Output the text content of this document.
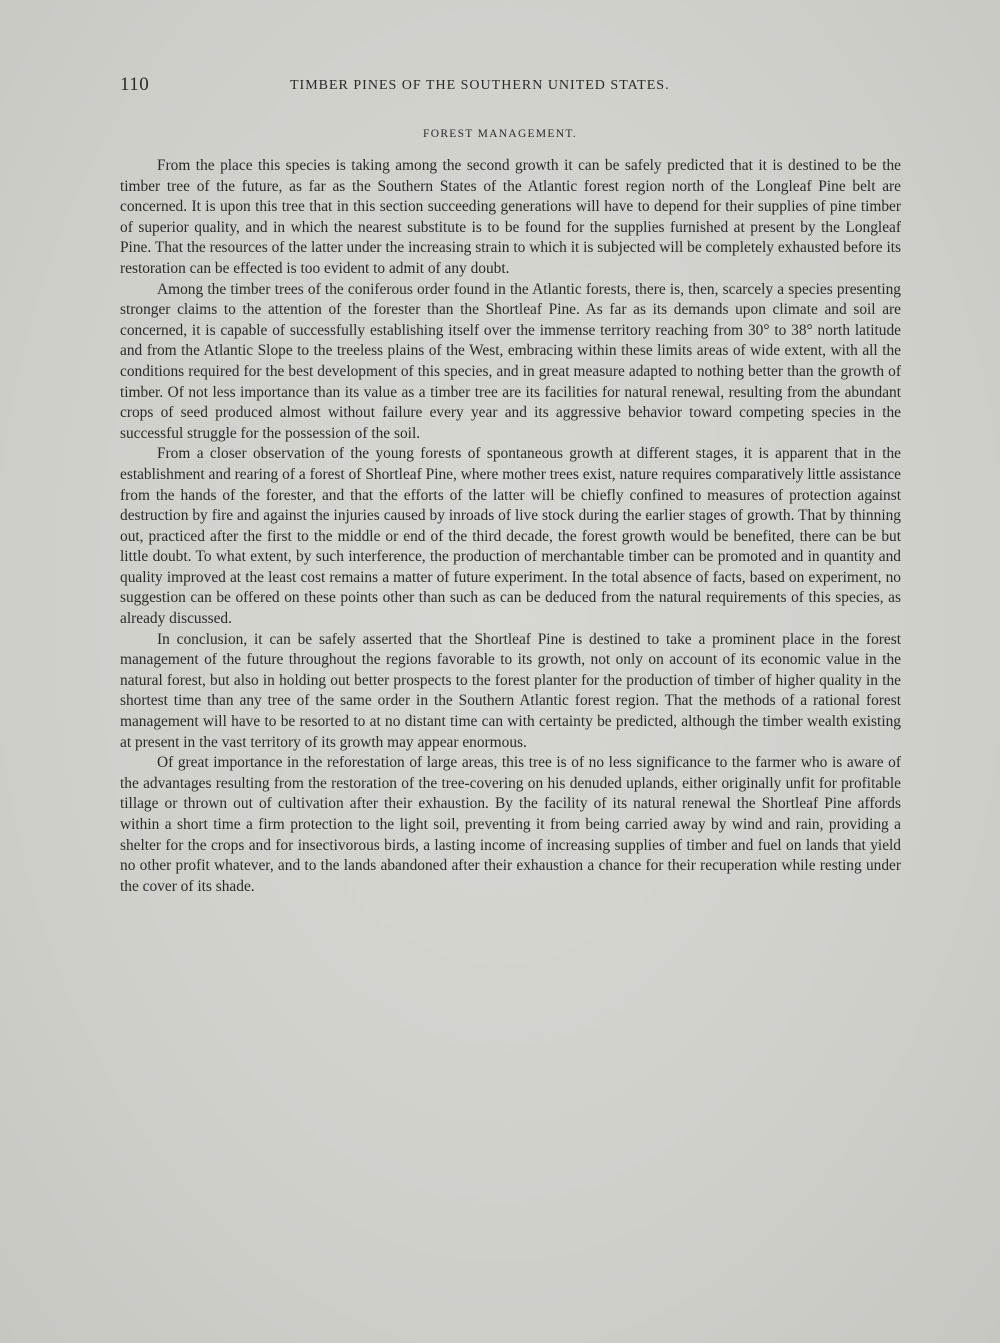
110	TIMBER PINES OF THE SOUTHERN UNITED STATES.
FOREST MANAGEMENT.

From the place this species is taking among the second growth it can be safely predicted that it is destined to be the timber tree of the future, as far as the Southern States of the Atlantic forest region north of the Longleaf Pine belt are concerned. It is upon this tree that in this section succeeding generations will have to depend for their supplies of pine timber of superior quality, and in which the nearest substitute is to be found for the supplies furnished at present by the Longleaf Pine. That the resources of the latter under the increasing strain to which it is subjected will be completely exhausted before its restoration can be effected is too evident to admit of any doubt.

Among the timber trees of the coniferous order found in the Atlantic forests, there is, then, scarcely a species presenting stronger claims to the attention of the forester than the Shortleaf Pine. As far as its demands upon climate and soil are concerned, it is capable of successfully establishing itself over the immense territory reaching from 30° to 38° north latitude and from the Atlantic Slope to the treeless plains of the West, embracing within these limits areas of wide extent, with all the conditions required for the best development of this species, and in great measure adapted to nothing better than the growth of timber. Of not less importance than its value as a timber tree are its facilities for natural renewal, resulting from the abundant crops of seed produced almost without failure every year and its aggressive behavior toward competing species in the successful struggle for the possession of the soil.

From a closer observation of the young forests of spontaneous growth at different stages, it is apparent that in the establishment and rearing of a forest of Shortleaf Pine, where mother trees exist, nature requires comparatively little assistance from the hands of the forester, and that the efforts of the latter will be chiefly confined to measures of protection against destruction by fire and against the injuries caused by inroads of live stock during the earlier stages of growth. That by thinning out, practiced after the first to the middle or end of the third decade, the forest growth would be benefited, there can be but little doubt. To what extent, by such interference, the production of merchantable timber can be promoted and in quantity and quality improved at the least cost remains a matter of future experiment. In the total absence of facts, based on experiment, no suggestion can be offered on these points other than such as can be deduced from the natural requirements of this species, as already discussed.

In conclusion, it can be safely asserted that the Shortleaf Pine is destined to take a prominent place in the forest management of the future throughout the regions favorable to its growth, not only on account of its economic value in the natural forest, but also in holding out better prospects to the forest planter for the production of timber of higher quality in the shortest time than any tree of the same order in the Southern Atlantic forest region. That the methods of a rational forest management will have to be resorted to at no distant time can with certainty be predicted, although the timber wealth existing at present in the vast territory of its growth may appear enormous.

Of great importance in the reforestation of large areas, this tree is of no less significance to the farmer who is aware of the advantages resulting from the restoration of the tree-covering on his denuded uplands, either originally unfit for profitable tillage or thrown out of cultivation after their exhaustion. By the facility of its natural renewal the Shortleaf Pine affords within a short time a firm protection to the light soil, preventing it from being carried away by wind and rain, providing a shelter for the crops and for insectivorous birds, a lasting income of increasing supplies of timber and fuel on lands that yield no other profit whatever, and to the lands abandoned after their exhaustion a chance for their recuperation while resting under the cover of its shade.
